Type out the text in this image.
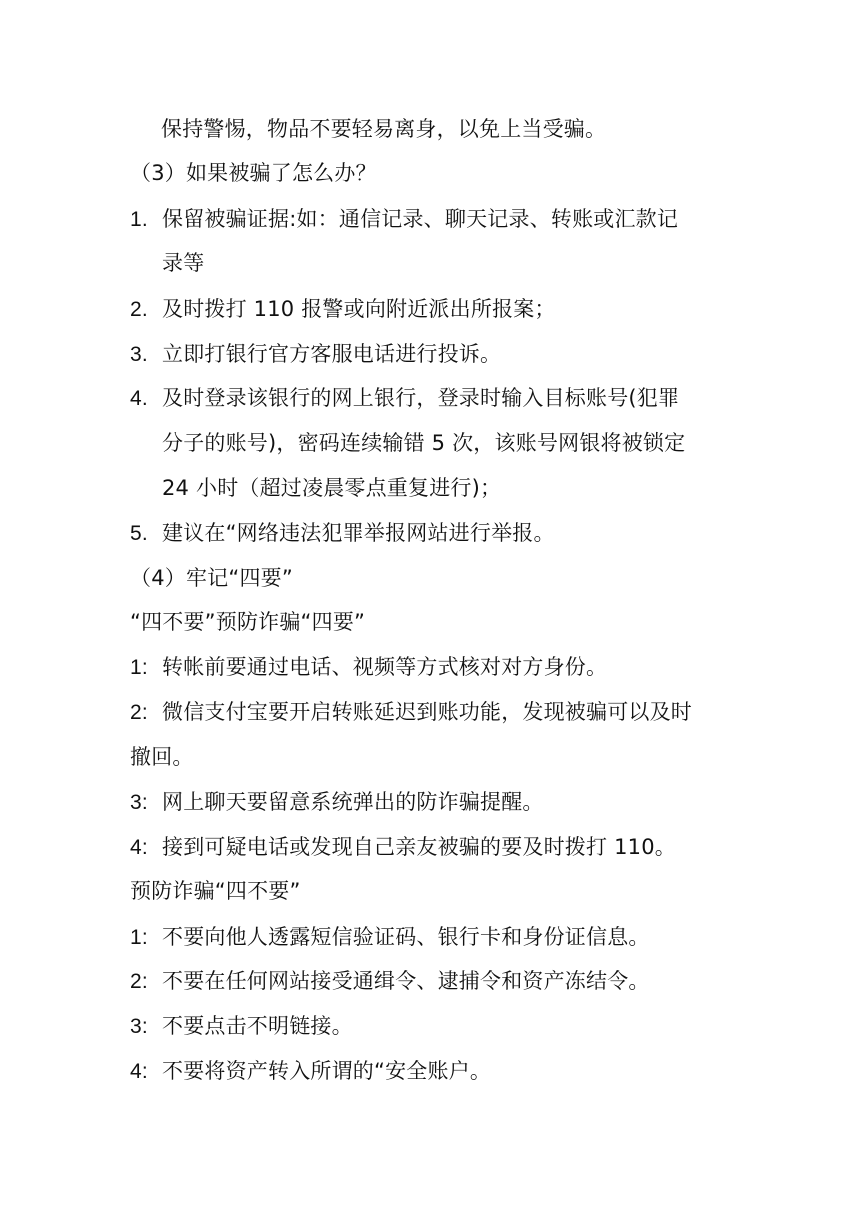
保持警惕，物品不要轻易离身，以免上当受骗。
（3）如果被骗了怎么办？
1. 保留被骗证据:如：通信记录、聊天记录、转账或汇款记
录等
2. 及时拨打 110 报警或向附近派出所报案；
3. 立即打银行官方客服电话进行投诉。
4. 及时登录该银行的网上银行，登录时输入目标账号(犯罪
分子的账号)，密码连续输错 5 次，该账号网银将被锁定
24 小时（超过凌晨零点重复进行)；
5. 建议在“网络违法犯罪举报网站进行举报。
（4）牢记“四要”
“四不要”预防诈骗“四要”
1: 转帐前要通过电话、视频等方式核对对方身份。
2: 微信支付宝要开启转账延迟到账功能，发现被骗可以及时
撤回。
3: 网上聊天要留意系统弹出的防诈骗提醒。
4: 接到可疑电话或发现自己亲友被骗的要及时拨打 110。
预防诈骗“四不要”
1: 不要向他人透露短信验证码、银行卡和身份证信息。
2: 不要在任何网站接受通缉令、逮捕令和资产冻结令。
3: 不要点击不明链接。
4: 不要将资产转入所谓的“安全账户。
